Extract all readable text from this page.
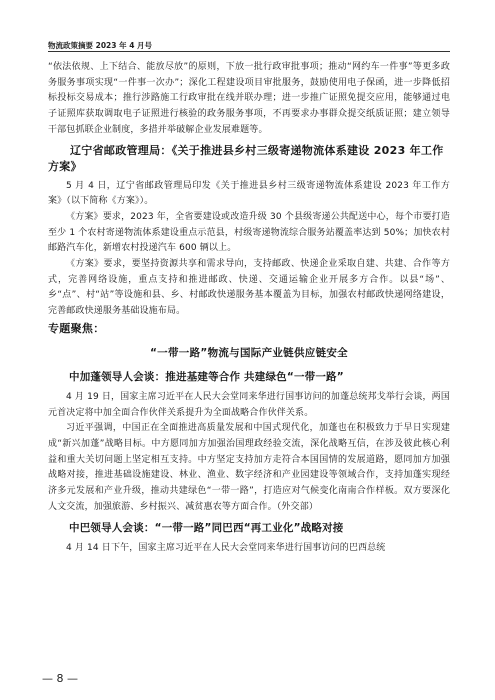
物流政策摘要 2023 年 4 月号

“依法依规、上下结合、能放尽放”的原则，下放一批行政审批事项；推动“网约车一件事”等更多政务服务事项实现“一件事一次办”；深化工程建设项目审批服务，鼓励使用电子保函，进一步降低招标投标交易成本；推行涉路施工行政审批在线并联办理；进一步推广证照免提交应用，能够通过电子证照库获取调取电子证照进行核验的政务服务事项，不再要求办事群众提交纸质证照；建立领导干部包抓联企业制度，多措并举破解企业发展难题等。

辽宁省邮政管理局：《关于推进县乡村三级寄递物流体系建设 2023 年工作方案》

5 月 4 日，辽宁省邮政管理局印发《关于推进县乡村三级寄递物流体系建设 2023 年工作方案》（以下简称《方案》）。

《方案》要求，2023 年，全省要建设或改造升级 30 个县级寄递公共配送中心，每个市要打造至少 1 个农村寄递物流体系建设重点示范县，村级寄递物流综合服务站覆盖率达到 50%；加快农村邮路汽车化，新增农村投递汽车 600 辆以上。

《方案》要求，要坚持资源共享和需求导向，支持邮政、快递企业采取自建、共建、合作等方式，完善网络设施，重点支持和推进邮政、快递、交通运输企业开展多方合作。以县“场”、乡“点”、村“站”等设施和县、乡、村邮政快递服务基本覆盖为目标，加强农村邮政快递网络建设，完善邮政快递服务基础设施布局。

专题聚焦：

“一带一路”物流与国际产业链供应链安全

中加蓬领导人会谈：推进基建等合作 共建绿色“一带一路”

4 月 19 日，国家主席习近平在人民大会堂同来华进行国事访问的加蓬总统邦戈举行会谈，两国元首决定将中加全面合作伙伴关系提升为全面战略合作伙伴关系。

习近平强调，中国正在全面推进高质量发展和中国式现代化，加蓬也在积极致力于早日实现建成“新兴加蓬”战略目标。中方愿同加方加强治国理政经验交流，深化战略互信，在涉及彼此核心利益和重大关切问题上坚定相互支持。中方坚定支持加方走符合本国国情的发展道路，愿同加方加强战略对接，推进基础设施建设、林业、渔业、数字经济和产业园建设等领域合作，支持加蓬实现经济多元发展和产业升级，推动共建绿色“一带一路”，打造应对气候变化南南合作样板。双方要深化人文交流，加强旅游、乡村振兴、减贫惠农等方面合作。（外交部）

中巴领导人会谈：“一带一路”同巴西“再工业化”战略对接

4 月 14 日下午，国家主席习近平在人民大会堂同来华进行国事访问的巴西总统

— 8 —
